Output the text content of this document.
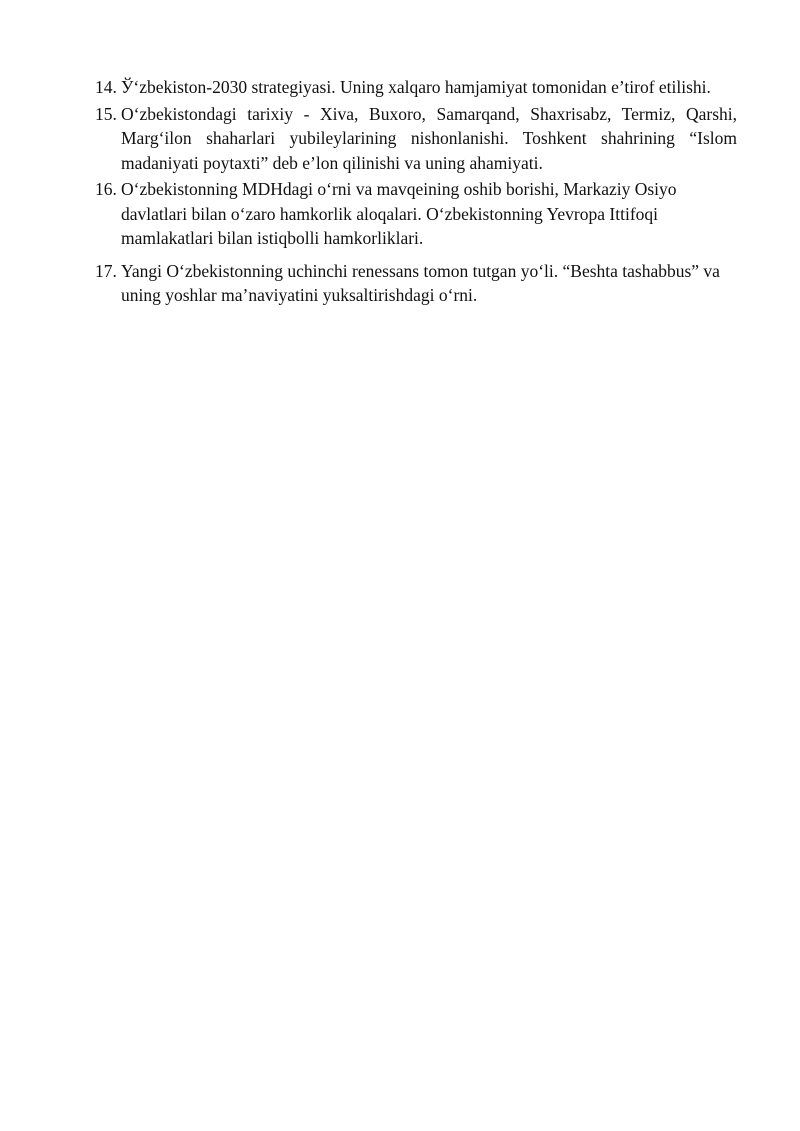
14. Ў‘zbekiston-2030 strategiyasi. Uning xalqaro hamjamiyat tomonidan e’tirof etilishi.
15. O‘zbekistondagi tarixiy - Xiva, Buxoro, Samarqand, Shaxrisabz, Termiz, Qarshi, Marg‘ilon shaharlari yubileylarining nishonlanishi. Toshkent shahrining “Islom madaniyati poytaxti” deb e’lon qilinishi va uning ahamiyati.
16. O‘zbekistonning MDHdagi o‘rni va mavqeining oshib borishi, Markaziy Osiyo davlatlari bilan o‘zaro hamkorlik aloqalari. O‘zbekistonning Yevropa Ittifoqi mamlakatlari bilan istiqbolli hamkorliklari.
17. Yangi O‘zbekistonning uchinchi renessans tomon tutgan yo‘li. “Beshta tashabbus” va uning yoshlar ma’naviyatini yuksaltirishdagi o‘rni.
